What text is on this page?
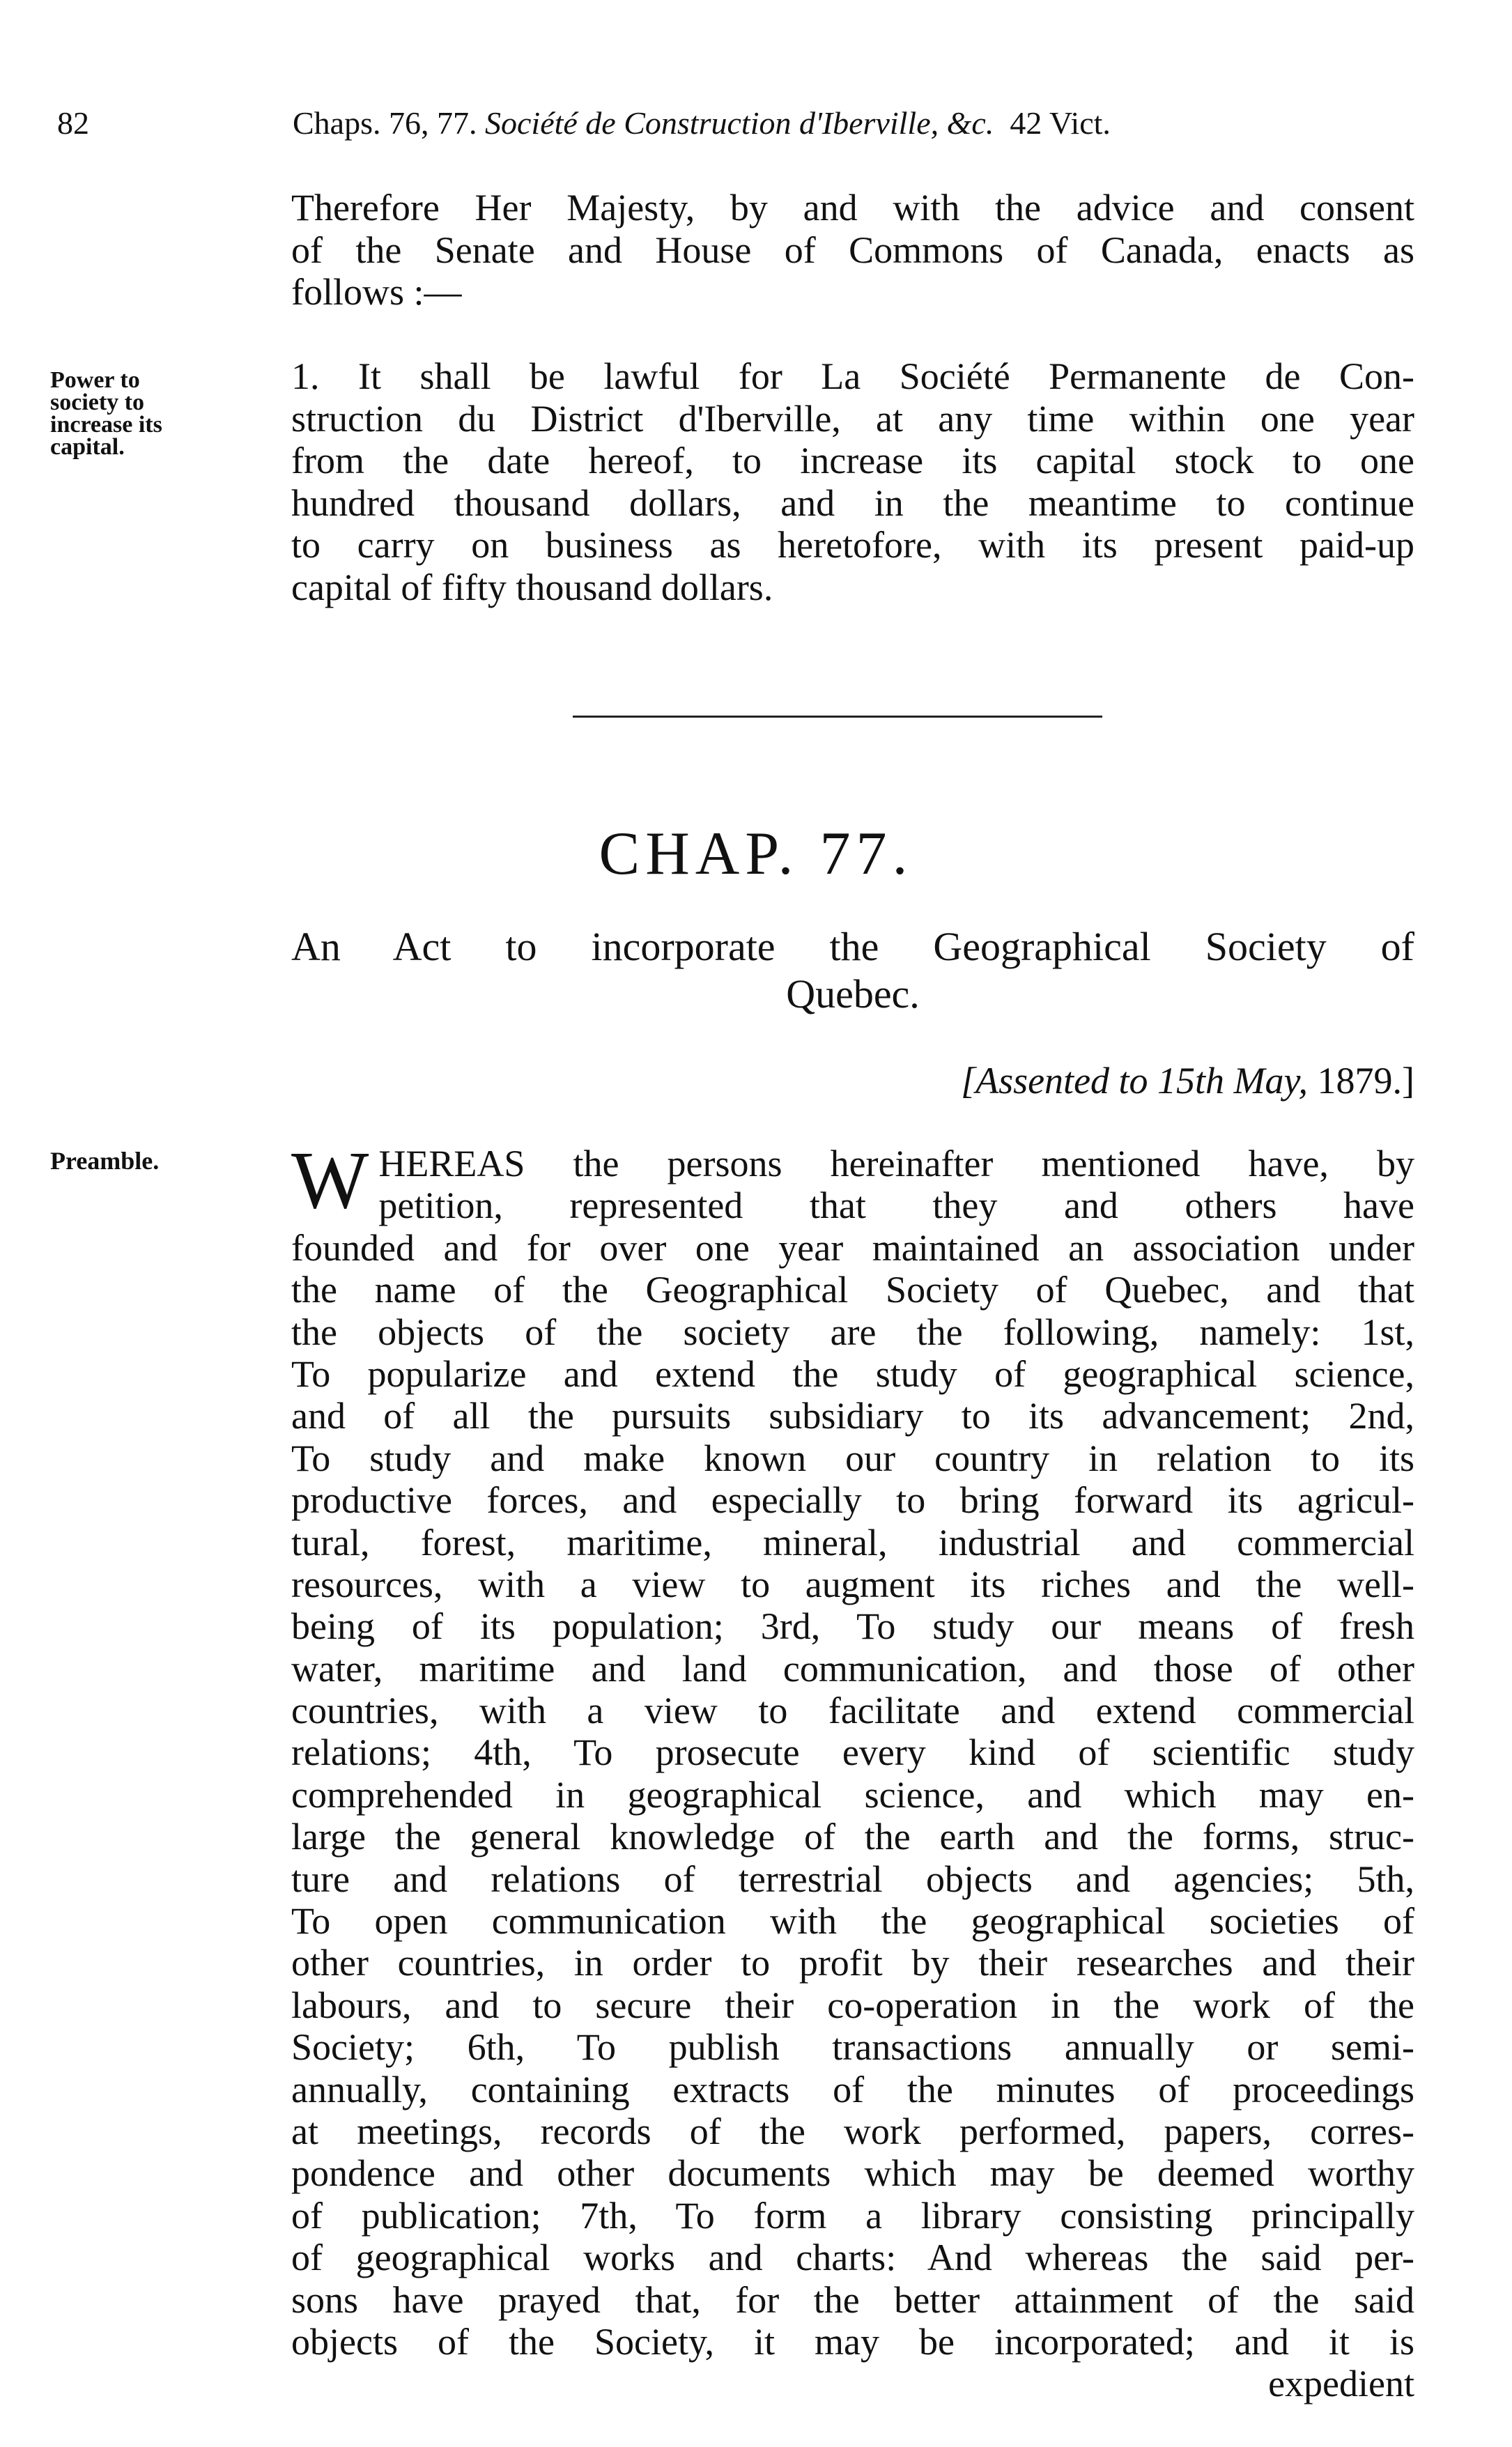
82	Chaps. 76, 77. Société de Construction d'Iberville, &c. 42 Vict.
Therefore Her Majesty, by and with the advice and consent
of the Senate and House of Commons of Canada, enacts as
follows :—
Power to
society to
increase its
capital.
1. It shall be lawful for La Société Permanente de Con-
struction du District d'Iberville, at any time within one year
from the date hereof, to increase its capital stock to one
hundred thousand dollars, and in the meantime to continue
to carry on business as heretofore, with its present paid-up
capital of fifty thousand dollars.
CHAP. 77.
An Act to incorporate the Geographical Society of
Quebec.
[Assented to 15th May, 1879.]
Preamble. W HEREAS the persons hereinafter mentioned have, by
petition, represented that they and others have
founded and for over one year maintained an association under
the name of the Geographical Society of Quebec, and that
the objects of the society are the following, namely: 1st,
To popularize and extend the study of geographical science,
and of all the pursuits subsidiary to its advancement; 2nd,
To study and make known our country in relation to its
productive forces, and especially to bring forward its agricul-
tural, forest, maritime, mineral, industrial and commercial
resources, with a view to augment its riches and the well-
being of its population; 3rd, To study our means of fresh
water, maritime and land communication, and those of other
countries, with a view to facilitate and extend commercial
relations; 4th, To prosecute every kind of scientific study
comprehended in geographical science, and which may en-
large the general knowledge of the earth and the forms, struc-
ture and relations of terrestrial objects and agencies; 5th,
To open communication with the geographical societies of
other countries, in order to profit by their researches and their
labours, and to secure their co-operation in the work of the
Society; 6th, To publish transactions annually or semi-
annually, containing extracts of the minutes of proceedings
at meetings, records of the work performed, papers, corres-
pondence and other documents which may be deemed worthy
of publication; 7th, To form a library consisting principally
of geographical works and charts: And whereas the said per-
sons have prayed that, for the better attainment of the said
objects of the Society, it may be incorporated; and it is
expedient
